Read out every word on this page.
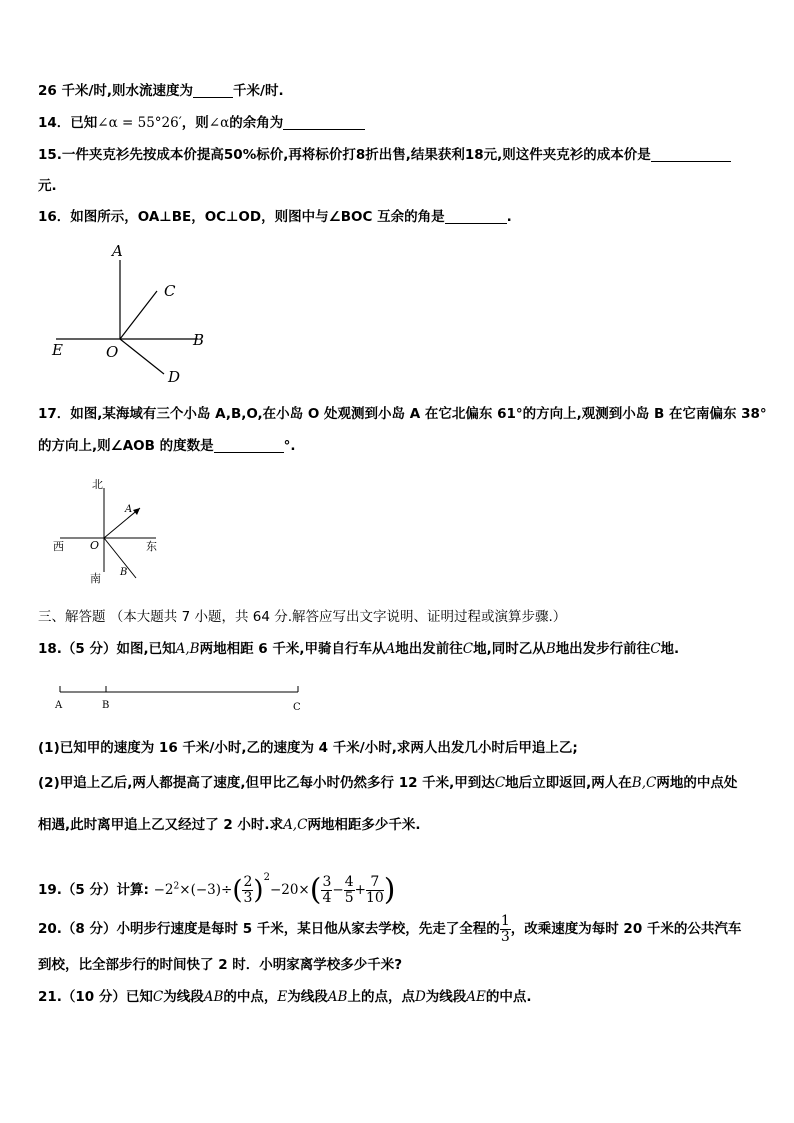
26 千米/时,则水流速度为	千米/时.
14．已知∠α = 55°26′，则∠α的余角为
15.一件夹克衫先按成本价提高50%标价,再将标价打8折出售,结果获利18元,则这件夹克衫的成本价是
元.
16．如图所示，OA⊥BE，OC⊥OD，则图中与∠BOC 互余的角是	.
A
C
B
E	O
D
17．如图,某海域有三个小岛 A,B,O,在小岛 O 处观测到小岛 A 在它北偏东 61°的方向上,观测到小岛 B 在它南偏东 38°
的方向上,则∠AOB 的度数是	°.
北
南
西	东
O
A
B
三、解答题 （本大题共 7 小题，共 64 分.解答应写出文字说明、证明过程或演算步骤.）
18.（5 分）如图,已知A,B两地相距 6 千米,甲骑自行车从A地出发前往C地,同时乙从B地出发步行前往C地.
A	B	C
(1)已知甲的速度为 16 千米/小时,乙的速度为 4 千米/小时,求两人出发几小时后甲追上乙;
(2)甲追上乙后,两人都提高了速度,但甲比乙每小时仍然多行 12 千米,甲到达C地后立即返回,两人在B,C两地的中点处
相遇,此时离甲追上乙又经过了 2 小时.求A,C两地相距多少千米.
19.（5 分）计算: $-2^2\times(-3)\div( \frac{2}{3} )^2-20\times( \frac{3}{4} - \frac{4}{5} + \frac{7}{10}$ )
20.（8 分）小明步行速度是每时 5 千米，某日他从家去学校，先走了全程的 $\frac{1}{3}$ ，改乘速度为每时 20 千米的公共汽车
到校，比全部步行的时间快了 2 时．小明家离学校多少千米?
21.（10 分）已知C为线段AB的中点，E为线段AB上的点，点D为线段AE的中点.
